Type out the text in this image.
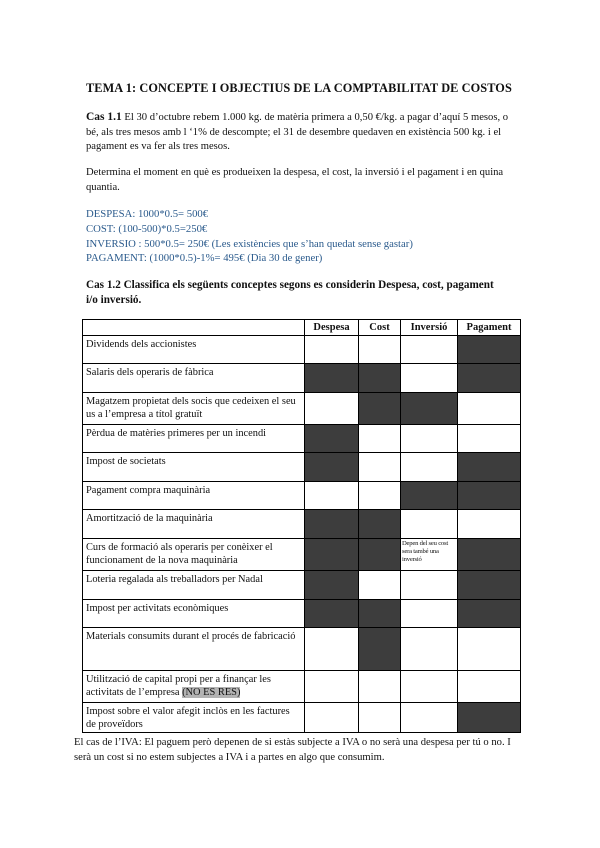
TEMA 1: CONCEPTE I OBJECTIUS DE LA COMPTABILITAT DE COSTOS
Cas 1.1 El 30 d’octubre rebem 1.000 kg. de matèria primera a 0,50 €/kg. a pagar d’aquí 5 mesos, o bé, als tres mesos amb l ‘1% de descompte; el 31 de desembre quedaven en existència 500 kg. i el pagament es va fer als tres mesos.
Determina el moment en què es produeixen la despesa, el cost, la inversió i el pagament i en quina quantia.
DESPESA: 1000*0.5= 500€
COST: (100-500)*0.5=250€
INVERSIO : 500*0.5= 250€ (Les existències que s’han quedat sense gastar)
PAGAMENT: (1000*0.5)-1%= 495€ (Dia 30 de gener)
Cas 1.2 Classifica els següents conceptes segons es considerin Despesa, cost, pagament i/o inversió.
	Despesa	Cost	Inversió	Pagament
Dividends dels accionistes				
Salaris dels operaris de fàbrica				
Magatzem propietat dels socis que cedeixen el seu us a l’empresa a títol gratuït				
Pèrdua de matèries primeres per un incendi				
Impost de societats				
Pagament compra maquinària				
Amortització de la maquinària				
Curs de formació als operaris per conèixer el funcionament de la nova maquinària			Depen del seu cost sera també una inversió	
Loteria regalada als treballadors per Nadal				
Impost per activitats econòmiques				
Materials consumits durant el procés de fabricació				
Utilització de capital propi per a finançar les activitats de l’empresa (NO ES RES)				
Impost sobre el valor afegit inclòs en les factures de proveïdors				
El cas de l’IVA: El paguem però depenen de si estàs subjecte a IVA o no serà una despesa per tú o no. I serà un cost si no estem subjectes a IVA i a partes en algo que consumim.
